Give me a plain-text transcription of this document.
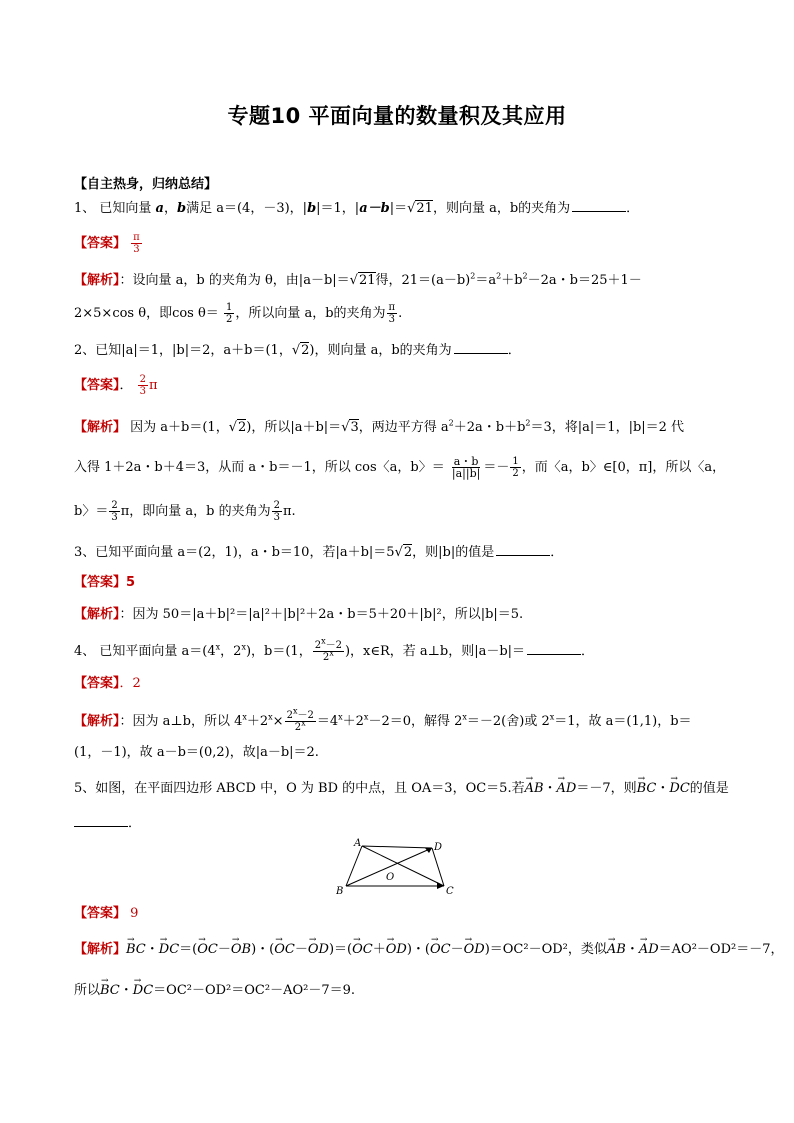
专题10 平面向量的数量积及其应用
【自主热身，归纳总结】
1、 已知向量 a，b满足 a＝(4，－3)，|b|＝1，|a－b|＝√21，则向量 a，b的夹角为	．
【答案】 $\frac{\pi}{3}$
【解析】：设向量 a，b 的夹角为 θ，由|a－b|＝√21得，$21=(a-b)^2=a^2+b^2-2a$・b＝25＋1－
2×5×cos θ，即$\cos \theta= \frac{1}{2}$ ，所以向量 a，b的夹角为 $\frac{\pi}{3}$ .
2、已知|a|＝1，|b|＝2，a＋b＝(1，√2)，则向量 a，b的夹角为	．
【答案】． $\frac{2}{3}$ π
【解析】 因为 a＋b＝(1，√2)，所以|a＋b|＝√3，两边平方得 $a^2+2a$・$b+b^2=3$，将|a|＝1，|b|＝2 代
入得 1＋2a・b＋4＝3，从而 a・b＝－1，所以 cos〈a，b〉＝ $\frac{a・b}{|a||b|} =- \frac{1}{2}$ ，而〈a，b〉∈[0，π]，所以〈a，
b〉＝ $\frac{2}{3}$ π，即向量 a，b 的夹角为 $\frac{2}{3} \pi$.
3、已知平面向量 a＝(2，1)，a・b＝10，若|a＋b|＝5√2，则|b|的值是	．
【答案】5
【解析】：因为 50＝|a＋b|²＝|a|²＋|b|²＋2a・b＝5＋20＋|b|²，所以|b|＝5.
4、 已知平面向量 $a=(4^x$，2$^x$)，b＝(1， $\frac{2^x-2}{2^x}$ )，x∈R，若 a⊥b，则|a－b|＝	．
【答案】．2
【解析】：因为 a⊥b，所以 $4^x+2^x\times \frac{2^x-2}{2^x} =4^x+2^x-2=0$，解得 $2^x=-2$(舍)或 $2^x=1$，故 a＝(1,1)，b＝
(1，－1)，故 a－b＝(0,2)，故|a－b|＝2.
5、如图，在平面四边形 ABCD 中，O 为 BD 的中点，且 OA＝3，OC＝5.若→ AB・→ AD＝－7，则→ BC・→ DC的值是
．
A
B	C
D
O
【答案】 9
【解析】→ BC・→ DC＝(→ OC－→ OB)・(→ OC－→ OD)＝(→ OC＋→ OD)・(→ OC－→ OD)＝OC²－OD²，类似→ AB・→ AD＝AO²－OD²＝－7，
所以→ BC・→ DC＝OC²－OD²＝OC²－AO²－7＝9.
